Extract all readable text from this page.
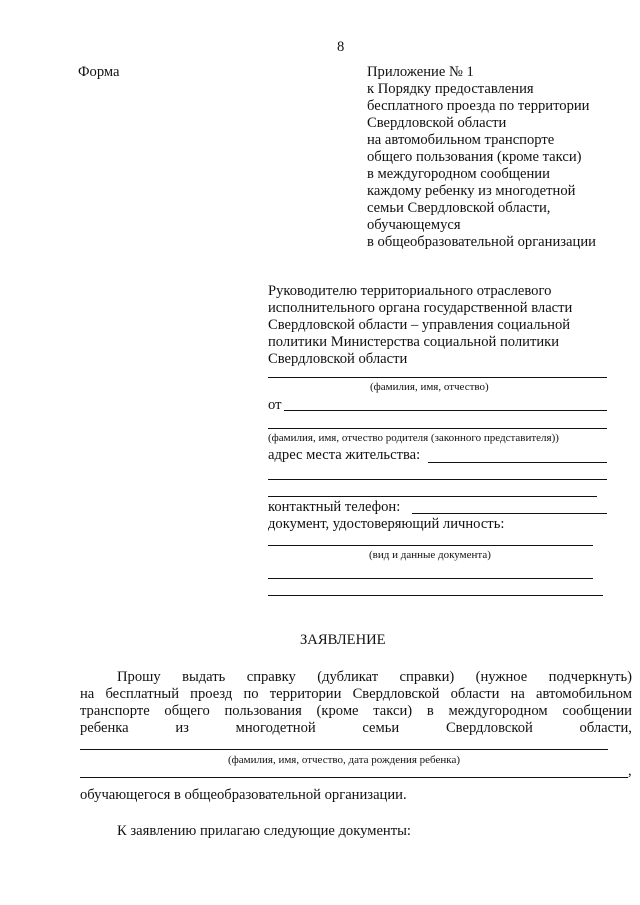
8
Форма	Приложение № 1
к Порядку предоставления
бесплатного проезда по территории
Свердловской области
на автомобильном транспорте
общего пользования (кроме такси)
в междугородном сообщении
каждому ребенку из многодетной
семьи Свердловской области,
обучающемуся
в общеобразовательной организации
Руководителю территориального отраслевого
исполнительного органа государственной власти
Свердловской области – управления социальной
политики Министерства социальной политики
Свердловской области
(фамилия, имя, отчество)
от
(фамилия, имя, отчество родителя (законного представителя))
адрес места жительства:
контактный телефон:
документ, удостоверяющий личность:
(вид и данные документа)
ЗАЯВЛЕНИЕ
Прошу выдать справку (дубликат справки) (нужное подчеркнуть)
на бесплатный проезд по территории Свердловской области на автомобильном
транспорте общего пользования (кроме такси) в междугородном сообщении
ребенка	из	многодетной	семьи	Свердловской	области,
(фамилия, имя, отчество, дата рождения ребенка)
,
обучающегося в общеобразовательной организации.
К заявлению прилагаю следующие документы:
